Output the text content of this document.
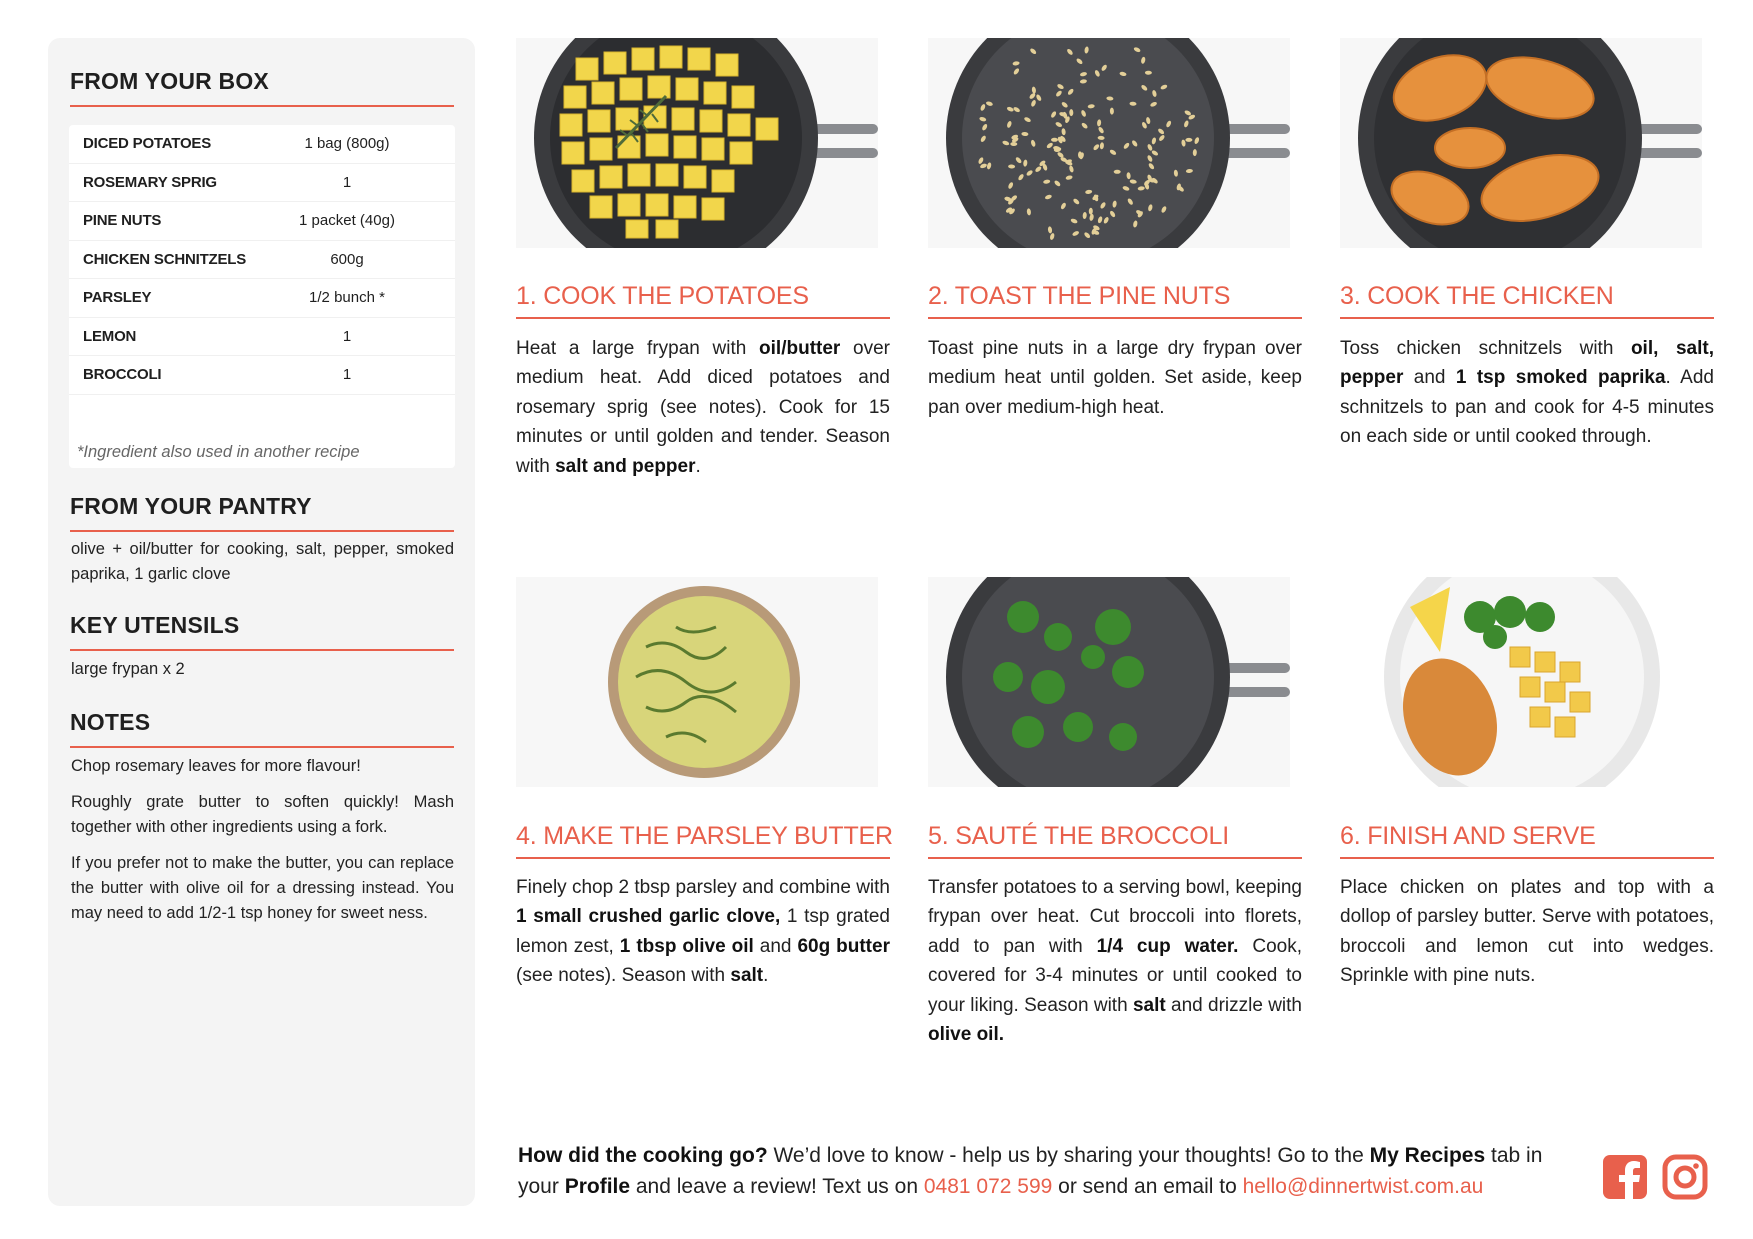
FROM YOUR BOX
DICED POTATOES	1 bag (800g)
ROSEMARY SPRIG	1
PINE NUTS	1 packet (40g)
CHICKEN SCHNITZELS	600g
PARSLEY	1/2 bunch *
LEMON	1
BROCCOLI	1
*Ingredient also used in another recipe
FROM YOUR PANTRY
olive + oil/butter for cooking, salt, pepper, smoked paprika, 1 garlic clove
KEY UTENSILS
large frypan x 2
NOTES

Chop rosemary leaves for more flavour!

Roughly grate butter to soften quickly! Mash together with other ingredients using a fork.

If you prefer not to make the butter, you can replace the butter with olive oil for a dressing instead. You may need to add 1/2-1 tsp honey for sweet ness.

1. COOK THE POTATOES
Heat a large frypan with oil/butter over medium heat. Add diced potatoes and rosemary sprig (see notes). Cook for 15 minutes or until golden and tender. Season with salt and pepper.
2. TOAST THE PINE NUTS
Toast pine nuts in a large dry frypan over medium heat until golden. Set aside, keep pan over medium-high heat.
3. COOK THE CHICKEN
Toss chicken schnitzels with oil, salt, pepper and 1 tsp smoked paprika. Add schnitzels to pan and cook for 4-5 minutes on each side or until cooked through.
4. MAKE THE PARSLEY BUTTER
Finely chop 2 tbsp parsley and combine with 1 small crushed garlic clove, 1 tsp grated lemon zest, 1 tbsp olive oil and 60g butter (see notes). Season with salt.
5. SAUTÉ THE BROCCOLI
Transfer potatoes to a serving bowl, keeping frypan over heat. Cut broccoli into florets, add to pan with 1/4 cup water. Cook, covered for 3-4 minutes or until cooked to your liking. Season with salt and drizzle with olive oil.
6. FINISH AND SERVE
Place chicken on plates and top with a dollop of parsley butter. Serve with potatoes, broccoli and lemon cut into wedges. Sprinkle with pine nuts.
How did the cooking go? We’d love to know - help us by sharing your thoughts! Go to the My Recipes tab in your Profile and leave a review! Text us on 0481 072 599 or send an email to hello@dinnertwist.com.au
